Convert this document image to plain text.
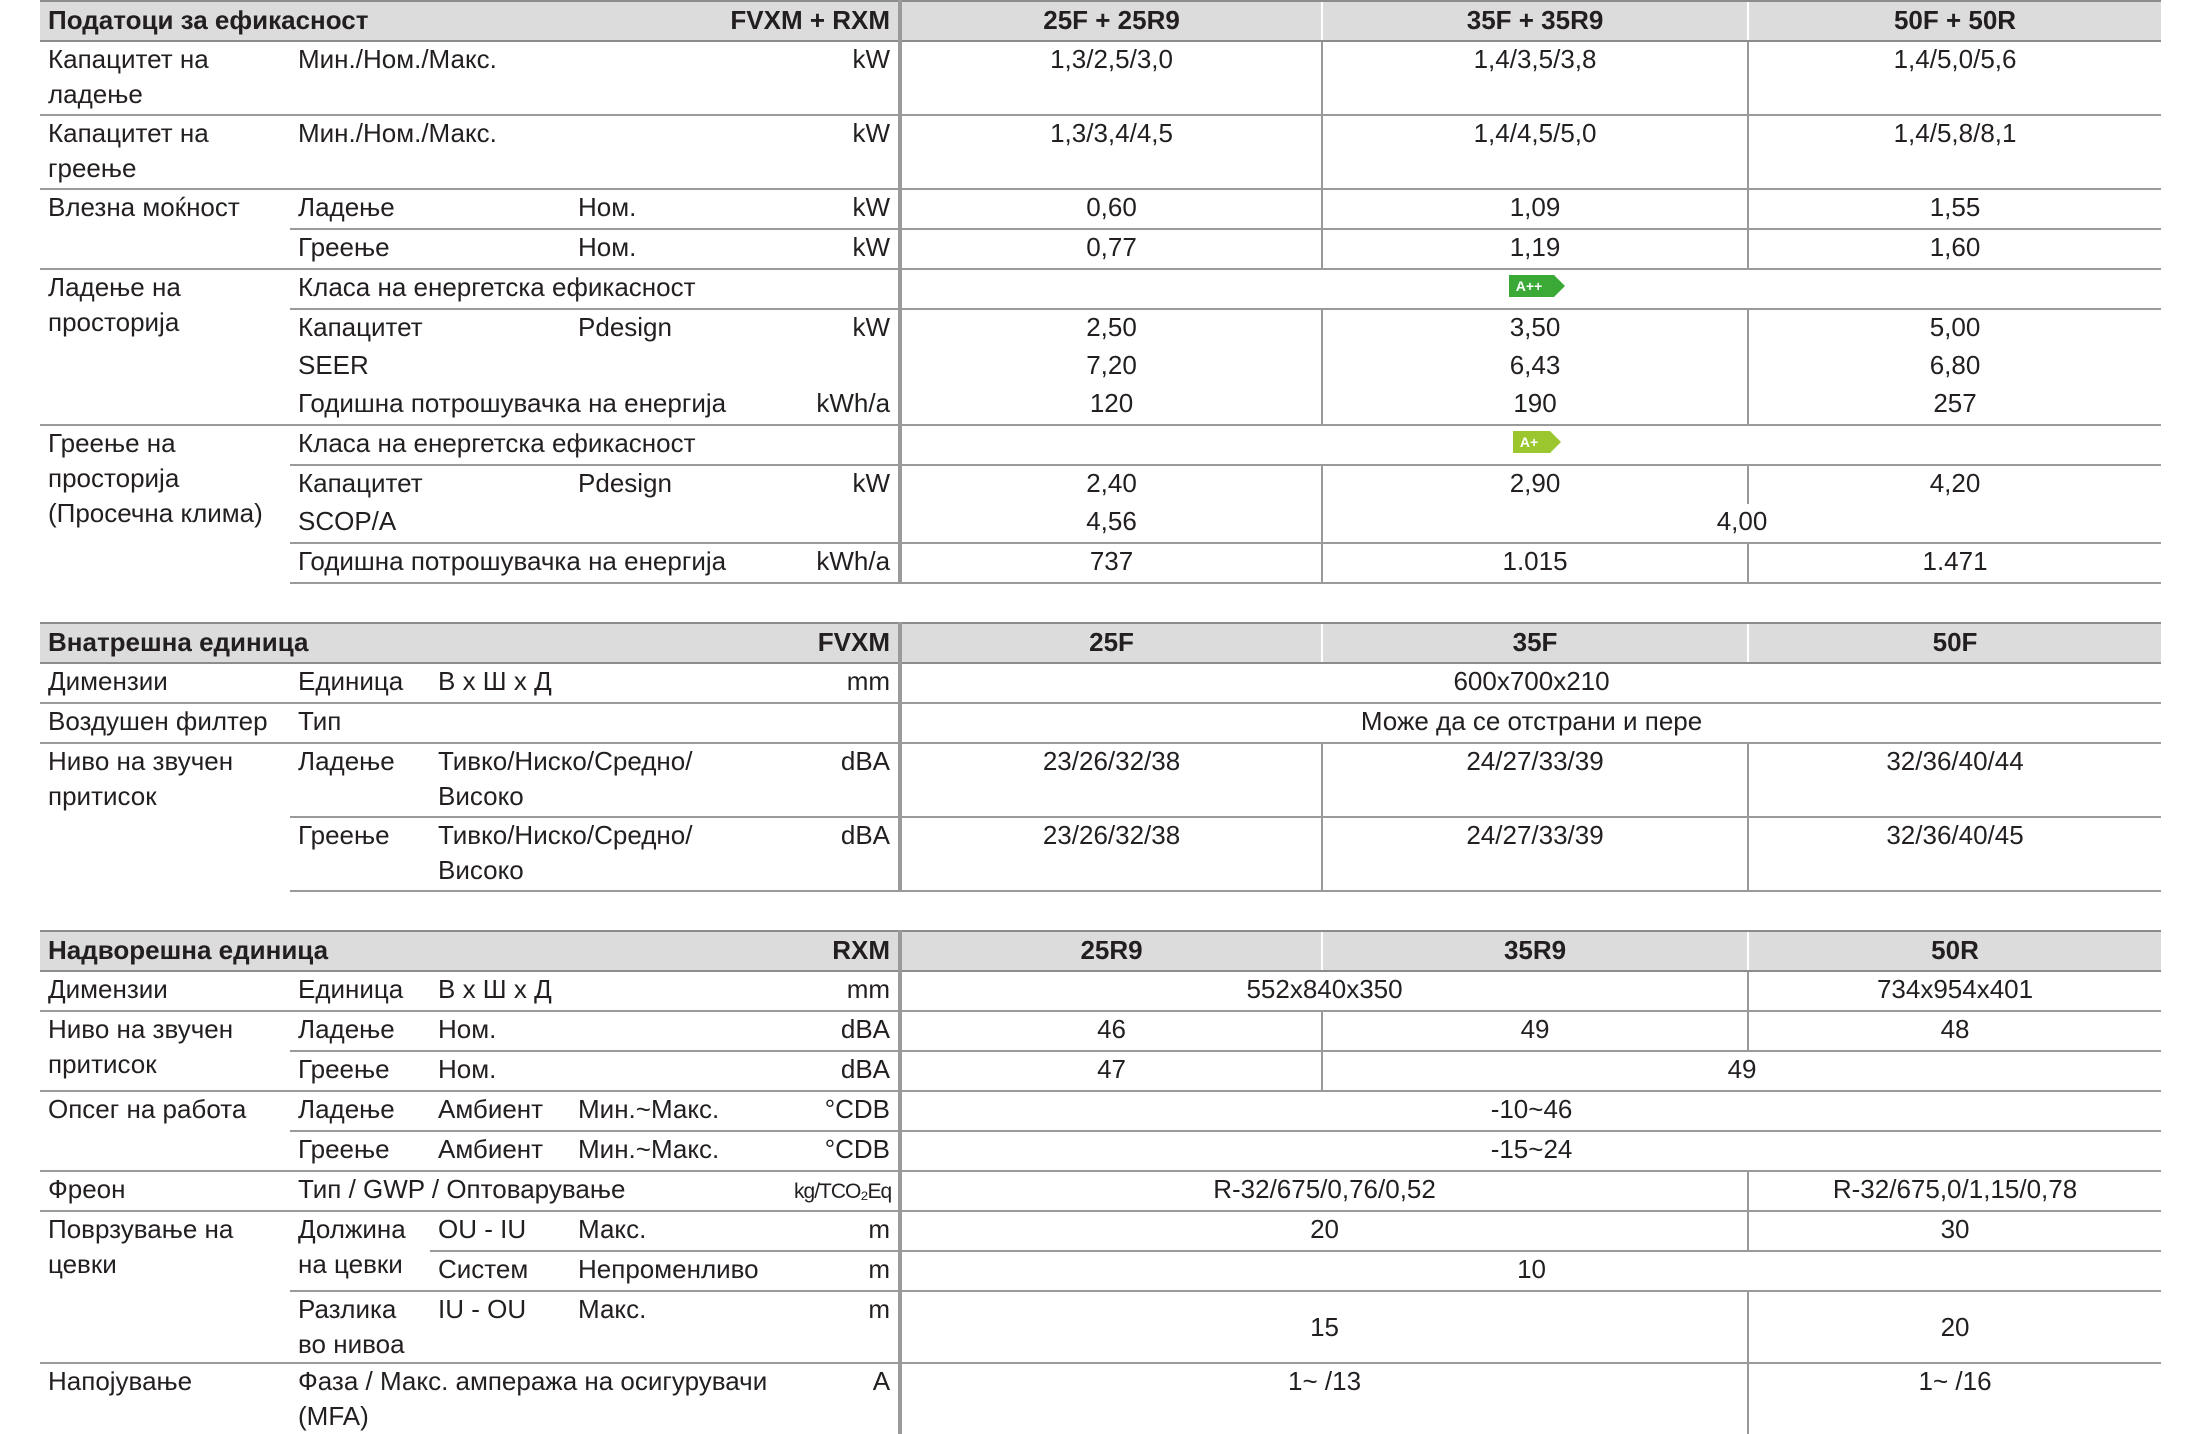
Податоци за ефикасност			FVXM + RXM		25F + 25R9	35F + 35R9	50F + 50R
Капацитет на ладење	Мин./Ном./Макс.			kW	1,3/2,5/3,0	1,4/3,5/3,8	1,4/5,0/5,6
Капацитет на греење	Мин./Ном./Макс.			kW	1,3/3,4/4,5	1,4/4,5/5,0	1,4/5,8/8,1
Влезна моќност	Ладење		Ном.	kW	0,60	1,09	1,55
	Греење		Ном.	kW	0,77	1,19	1,60
Ладење на просторија	Класа на енергетска ефикасност				A++		
	Капацитет		Pdesign	kW	2,50	3,50	5,00
	SEER				7,20	6,43	6,80
	Годишна потрошувачка на енергија			kWh/a	120	190	257
Греење на просторија (Просечна клима)	Класа на енергетска ефикасност				A+		
	Капацитет		Pdesign	kW	2,40	2,90	4,20
	SCOP/A				4,56	4,00	
	Годишна потрошувачка на енергија			kWh/a	737	1.015	1.471

Внатрешна единица			FVXM		25F	35F	50F
Димензии	Единица	В x Ш x Д		mm	600x700x210		
Воздушен филтер	Тип				Може да се отстрани и пере		
Ниво на звучен притисок	Ладење	Тивко/Ниско/Средно/ Високо		dBA	23/26/32/38	24/27/33/39	32/36/40/44
	Греење	Тивко/Ниско/Средно/ Високо		dBA	23/26/32/38	24/27/33/39	32/36/40/45

Надворешна единица			RXM		25R9	35R9	50R
Димензии	Единица	В x Ш x Д		mm	552x840x350		734x954x401
Ниво на звучен притисок	Ладење	Ном.		dBA	46	49	48
	Греење	Ном.		dBA	47	49	
Опсег на работа	Ладење	Амбиент	Мин.~Макс.	°CDB	-10~46		
	Греење	Амбиент	Мин.~Макс.	°CDB	-15~24		
Фреон	Тип / GWP / Оптоварување			kg/TCO₂Eq	R-32/675/0,76/0,52		R-32/675,0/1,15/0,78
Поврзување на цевки	Должина на цевки	OU - IU	Макс.	m	20		30
		Систем	Непроменливо	m	10		
	Разлика во нивоа	IU - OU	Макс.	m	15		20
Напојување	Фаза / Макс. ампеража на осигурувачи (MFA)			A	1~ /13		1~ /16
